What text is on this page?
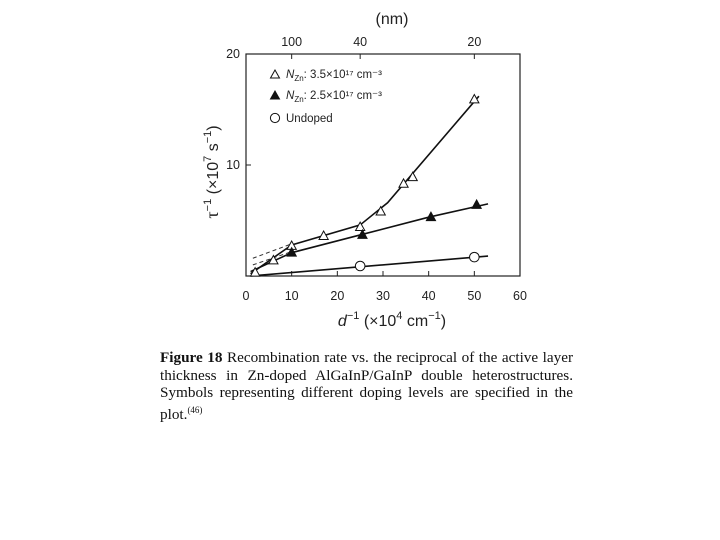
0	10	20	30	40	50	60
10
20
100	40	20
(nm)
$d^{-1}$ ($\times 10^4$ $cm^{-1}$)
$\tau^{-1}$ ($\times 10^7$ $s^{-1}$)
$N_{Zn}$: 3.5×10¹⁷ cm⁻³
$N_{Zn}$: 2.5×10¹⁷ cm⁻³
Undoped
Figure 18 Recombination rate vs. the reciprocal of the active layer thickness in Zn-doped AlGaInP/GaInP double heterostructures. Symbols representing different doping levels are specified in the plot.$^{(46)}$
